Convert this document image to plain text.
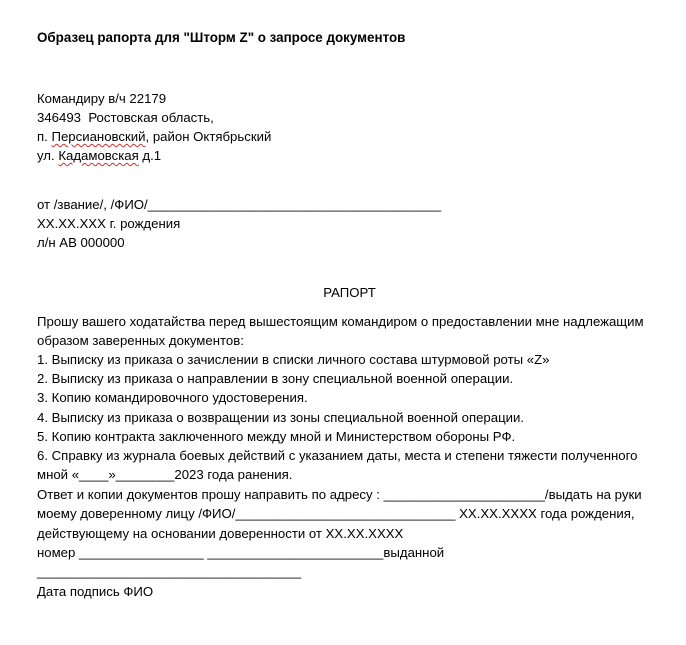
Образец рапорта для "Шторм Z" о запросе документов
Командиру в/ч 22179
346493  Ростовская область,
п. Персиановский, район Октябрьский
ул. Кадамовская д.1
от /звание/, /ФИО/________________________________________
ХХ.ХХ.ХХХ г. рождения
л/н АВ 000000
РАПОРТ
Прошу вашего ходатайства перед вышестоящим командиром о предоставлении мне надлежащим
образом заверенных документов:
1. Выписку из приказа о зачислении в списки личного состава штурмовой роты «Z»
2. Выписку из приказа о направлении в зону специальной военной операции.
3. Копию командировочного удостоверения.
4. Выписку из приказа о возвращении из зоны специальной военной операции.
5. Копию контракта заключенного между мной и Министерством обороны РФ.
6. Справку из журнала боевых действий с указанием даты, места и степени тяжести полученного
мной «____»________2023 года ранения.
Ответ и копии документов прошу направить по адресу : ______________________/выдать на руки
моему доверенному лицу /ФИО/______________________________ ХХ.ХХ.ХХХХ года рождения,
действующему на основании доверенности от ХХ.ХХ.ХХХХ
номер _________________ ________________________выданной
____________________________________
Дата подпись ФИО
